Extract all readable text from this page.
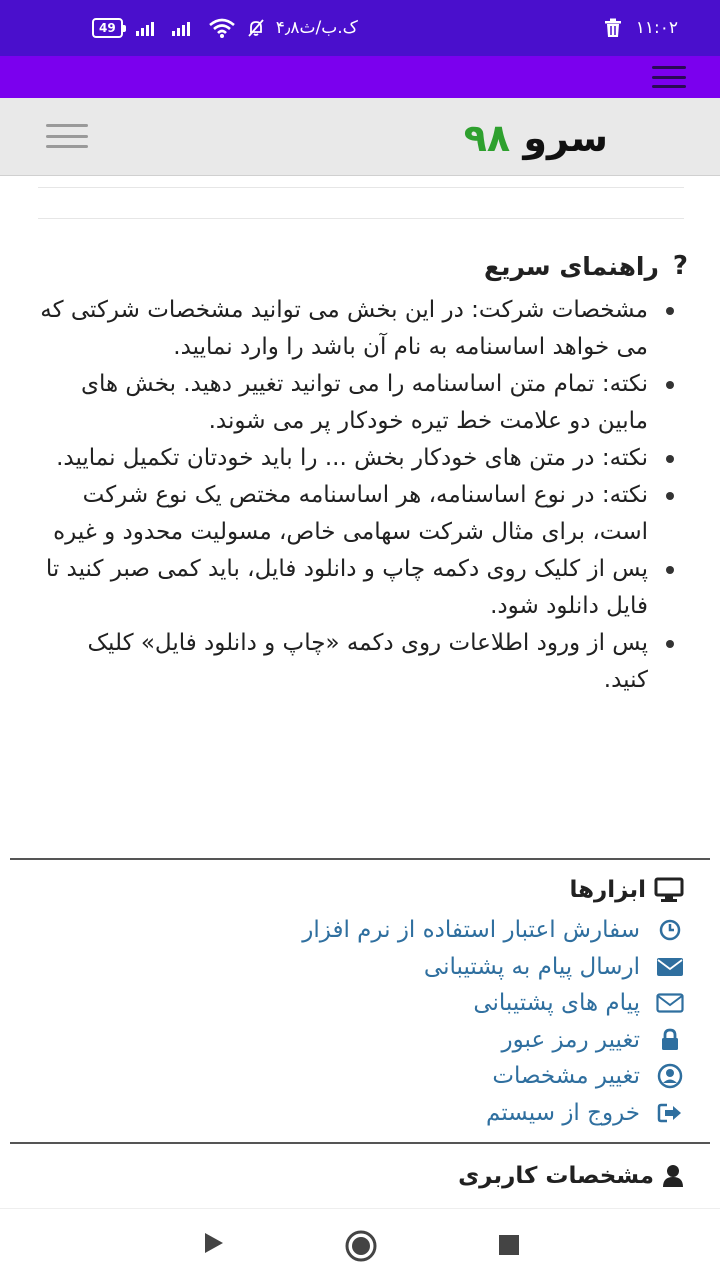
49	۴٫۸ک.ب/ث	۱۱:۰۲
سرو ۹۸
?
راهنمای سریع
مشخصات شرکت: در این بخش می توانید مشخصات شرکتی که می خواهد اساسنامه به نام آن باشد را وارد نمایید.
نکته: تمام متن اساسنامه را می توانید تغییر دهید. بخش های مابین دو علامت خط تیره خودکار پر می شوند.
نکته: در متن های خودکار بخش ... را باید خودتان تکمیل نمایید.
نکته: در نوع اساسنامه، هر اساسنامه مختص یک نوع شرکت است، برای مثال شرکت سهامی خاص، مسولیت محدود و غیره
پس از کلیک روی دکمه چاپ و دانلود فایل، باید کمی صبر کنید تا فایل دانلود شود.
پس از ورود اطلاعات روی دکمه «چاپ و دانلود فایل» کلیک کنید.
ابزارها
سفارش اعتبار استفاده از نرم افزار
ارسال پیام به پشتیبانی
پیام های پشتیبانی
تغییر رمز عبور
تغییر مشخصات
خروج از سیستم
مشخصات کاربری
